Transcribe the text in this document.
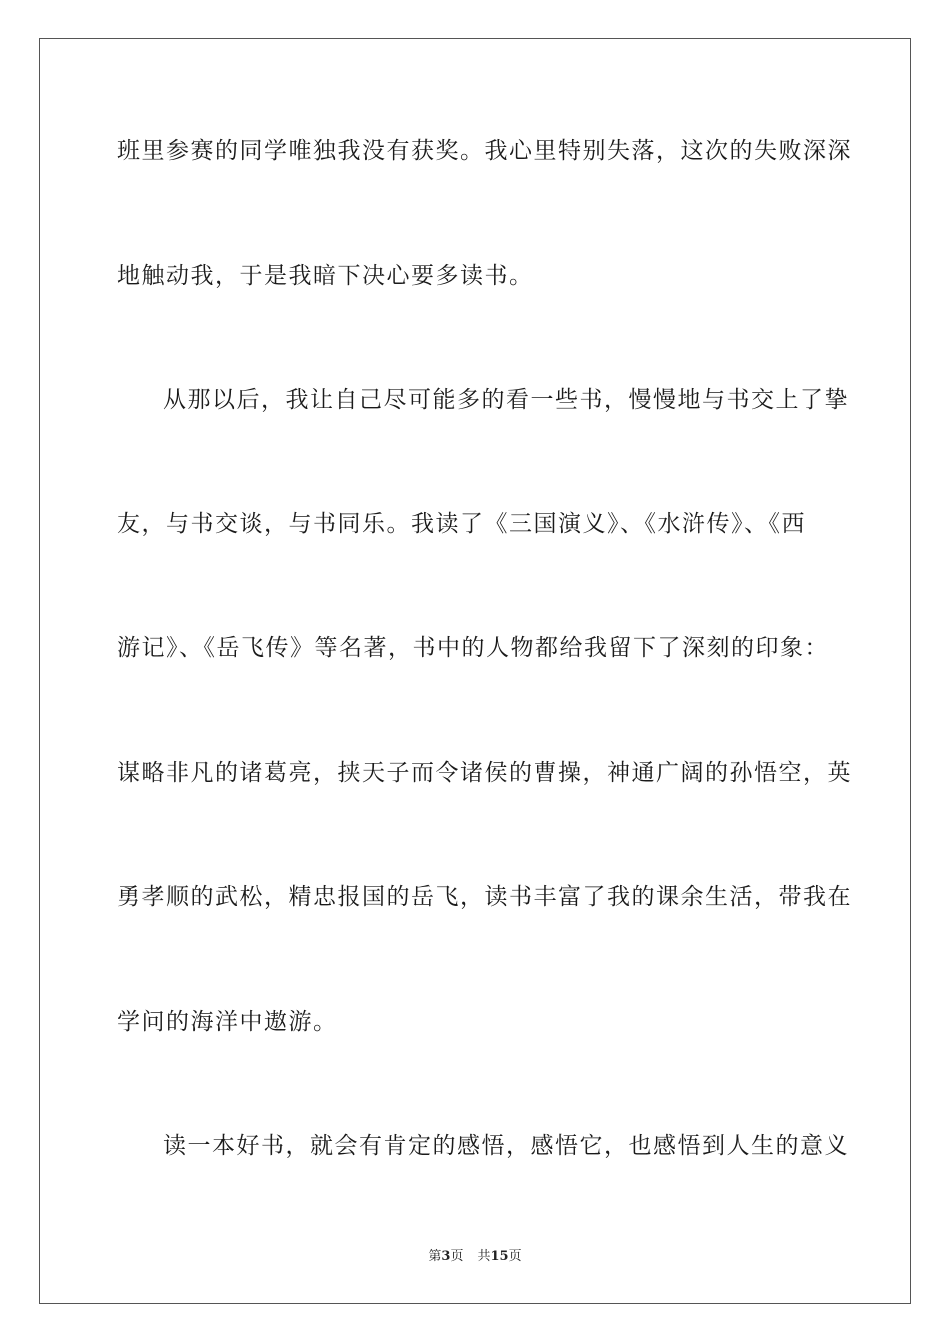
班里参赛的同学唯独我没有获奖。我心里特别失落，这次的失败深深
地触动我，于是我暗下决心要多读书。
从那以后，我让自己尽可能多的看一些书，慢慢地与书交上了挚
友，与书交谈，与书同乐。我读了《三国演义》、《水浒传》、《西
游记》、《岳飞传》等名著，书中的人物都给我留下了深刻的印象：
谋略非凡的诸葛亮，挟天子而令诸侯的曹操，神通广阔的孙悟空，英
勇孝顺的武松，精忠报国的岳飞，读书丰富了我的课余生活，带我在
学问的海洋中遨游。
读一本好书，就会有肯定的感悟，感悟它，也感悟到人生的意义
第3页 共15页
